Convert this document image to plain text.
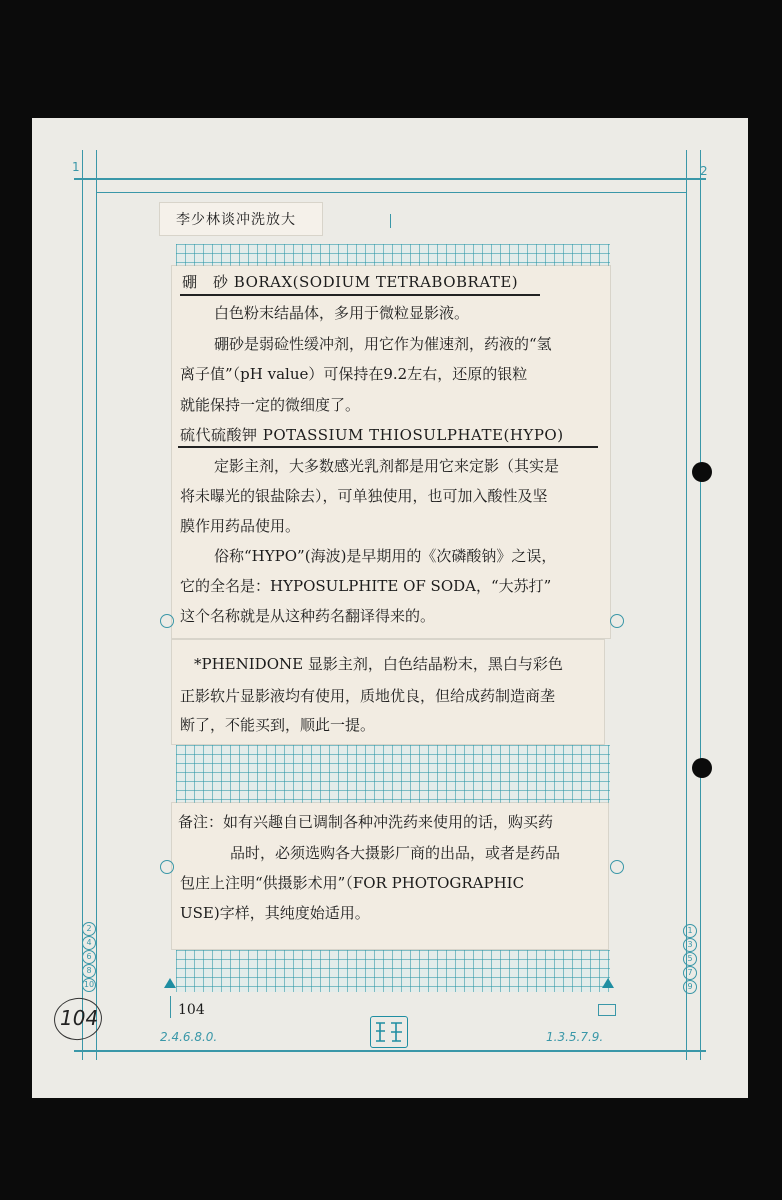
1	2
李少林谈冲洗放大
硼　砂 BORAX(SODIUM TETRABOBRATE)
白色粉末结晶体，多用于微粒显影液。
硼砂是弱硷性缓冲剂，用它作为催速剂，药液的“氢
离子值”（pH value）可保持在9.2左右，还原的银粒
就能保持一定的微细度了。
硫代硫酸钾 POTASSIUM THIOSULPHATE(HYPO)
定影主剂，大多数感光乳剂都是用它来定影（其实是
将未曝光的银盐除去），可单独使用，也可加入酸性及坚
膜作用药品使用。
俗称“HYPO”(海波)是早期用的《次磷酸钠》之误，
它的全名是：HYPOSULPHITE OF SODA，“大苏打”
这个名称就是从这种药名翻译得来的。
*PHENIDONE 显影主剂，白色结晶粉末，黑白与彩色
正影软片显影液均有使用，质地优良，但给成药制造商垄
断了，不能买到，顺此一提。
备注：如有兴趣自已调制各种冲洗药来使用的话，购买药
品时，必须选购各大摄影厂商的出品，或者是药品
包庄上注明“供摄影术用”（FOR PHOTOGRAPHIC
USE)字样，其纯度始适用。
2
4
6
8
10
1
3
5
7
9
104
104
2.4.6.8.0.	1.3.5.7.9.
